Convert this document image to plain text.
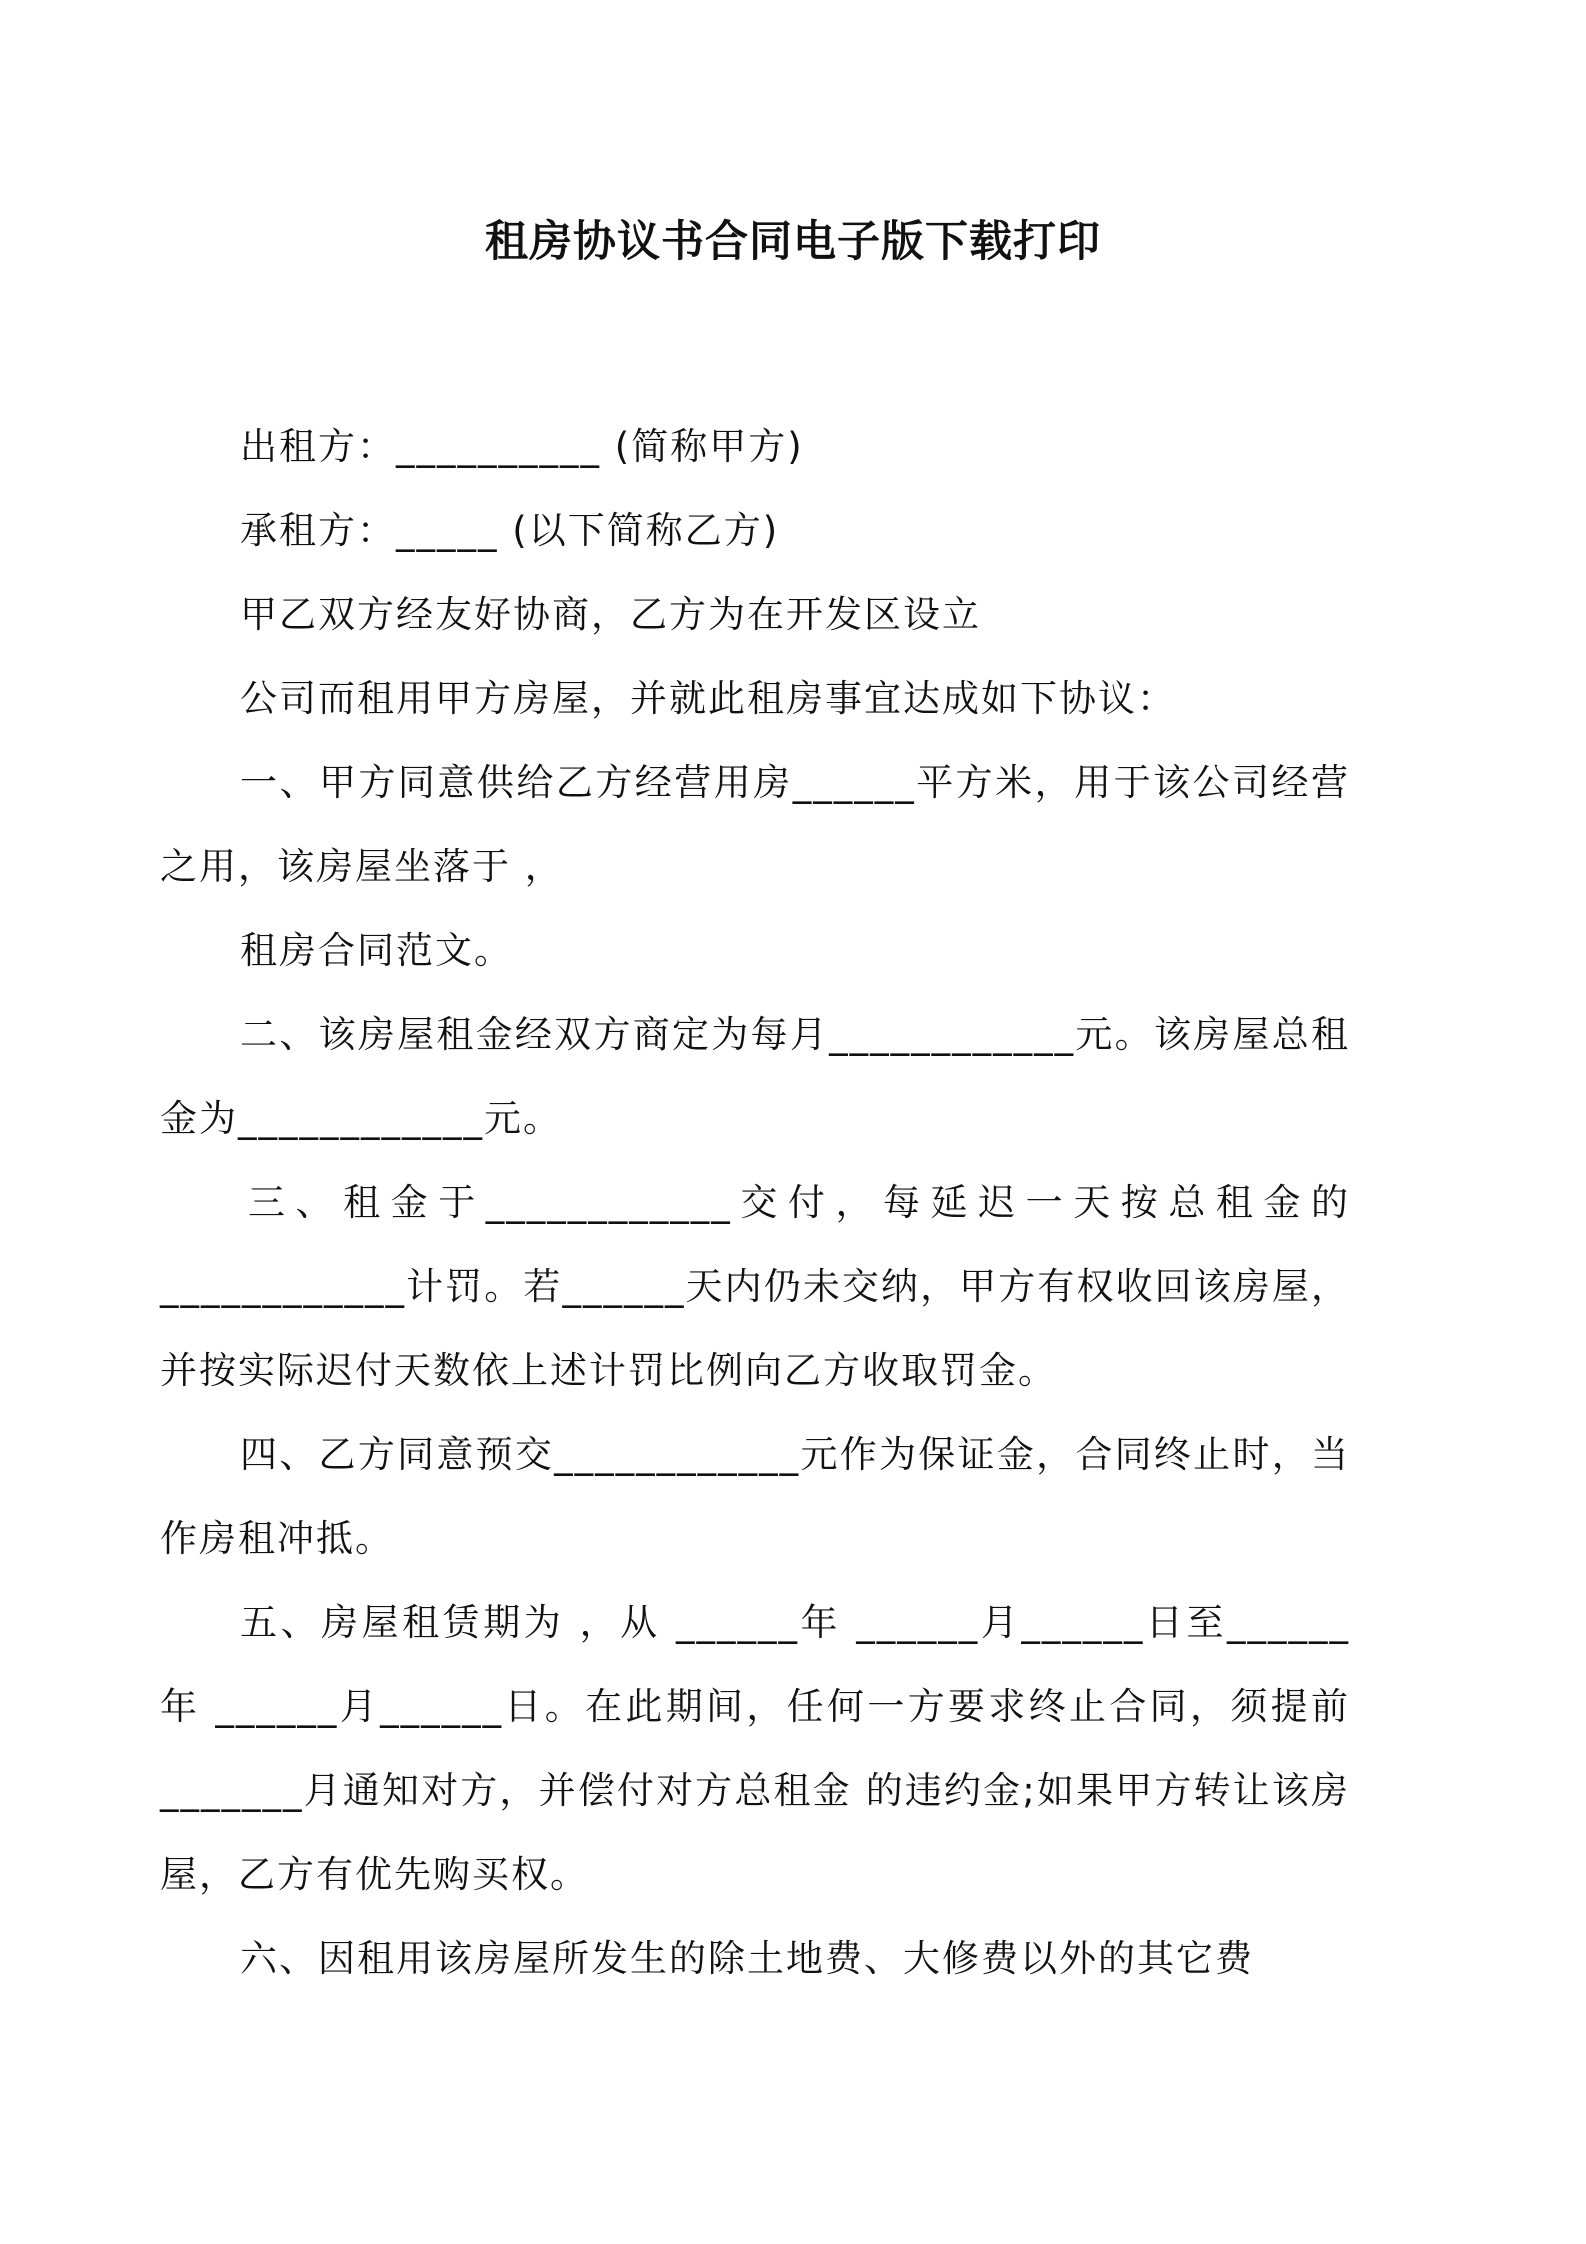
租房协议书合同电子版下载打印

出租方：__________ (简称甲方)

承租方：_____ (以下简称乙方)

甲乙双方经友好协商，乙方为在开发区设立

公司而租用甲方房屋，并就此租房事宜达成如下协议：

一、甲方同意供给乙方经营用房______平方米，用于该公司经营之用，该房屋坐落于 ，

租房合同范文。

二、该房屋租金经双方商定为每月____________元。该房屋总租金为____________元。

三、租金于____________交付，每延迟一天按总租金的____________计罚。若______天内仍未交纳，甲方有权收回该房屋，并按实际迟付天数依上述计罚比例向乙方收取罚金。

四、乙方同意预交____________元作为保证金，合同终止时，当作房租冲抵。

五、房屋租赁期为 ，从 ______年 ______月______日至______年 ______月______日。在此期间，任何一方要求终止合同，须提前_______月通知对方，并偿付对方总租金 的违约金;如果甲方转让该房屋，乙方有优先购买权。

六、因租用该房屋所发生的除土地费、大修费以外的其它费
